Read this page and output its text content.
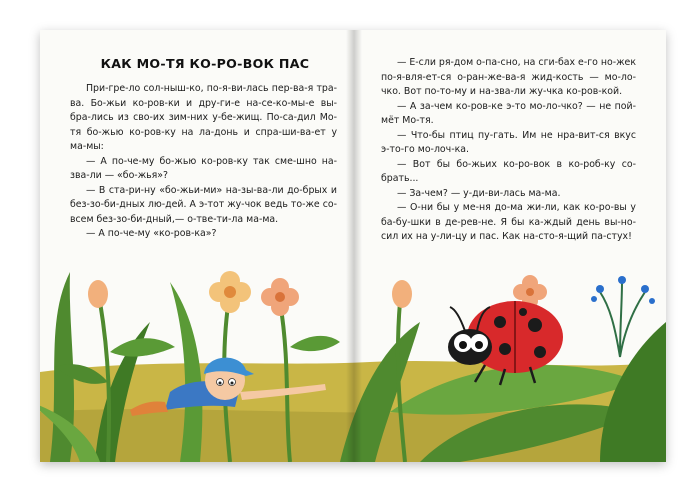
КАК МО-ТЯ КО-РО-ВОК ПАС

При-гре-ло сол-ныш-ко, по-я-ви-лась пер-ва-я тра-ва. Бо-жьи ко-ров-ки и дру-ги-е на-се-ко-мы-е вы-бра-лись из сво-их зим-них у-бе-жищ. По-са-дил Мо-тя бо-жью ко-ров-ку на ла-донь и спра-ши-ва-ет у ма-мы:

— А по-че-му бо-жью ко-ров-ку так сме-шно на-зва-ли — «бо-жья»?

— В ста-ри-ну «бо-жьи-ми» на-зы-ва-ли до-брых и без-зо-би-дных лю-дей. А э-тот жу-чок ведь то-же со-всем без-зо-би-дный,— о-тве-ти-ла ма-ма.

— А по-че-му «ко-ров-ка»?

— Е-сли ря-дом о-па-сно, на сги-бах е-го но-жек по-я-вля-ет-ся о-ран-же-ва-я жид-кость — мо-ло-чко. Вот по-то-му и на-зва-ли жу-чка ко-ров-кой.

— А за-чем ко-ров-ке э-то мо-ло-чко? — не пой-мёт Мо-тя.

— Что-бы птиц пу-гать. Им не нра-вит-ся вкус э-то-го мо-лоч-ка.

— Вот бы бо-жьих ко-ро-вок в ко-роб-ку со-брать...

— За-чем? — у-ди-ви-лась ма-ма.

— О-ни бы у ме-ня до-ма жи-ли, как ко-ро-вы у ба-бу-шки в де-рев-не. Я бы ка-ждый день вы-но-сил их на у-ли-цу и пас. Как на-сто-я-щий па-стух!
